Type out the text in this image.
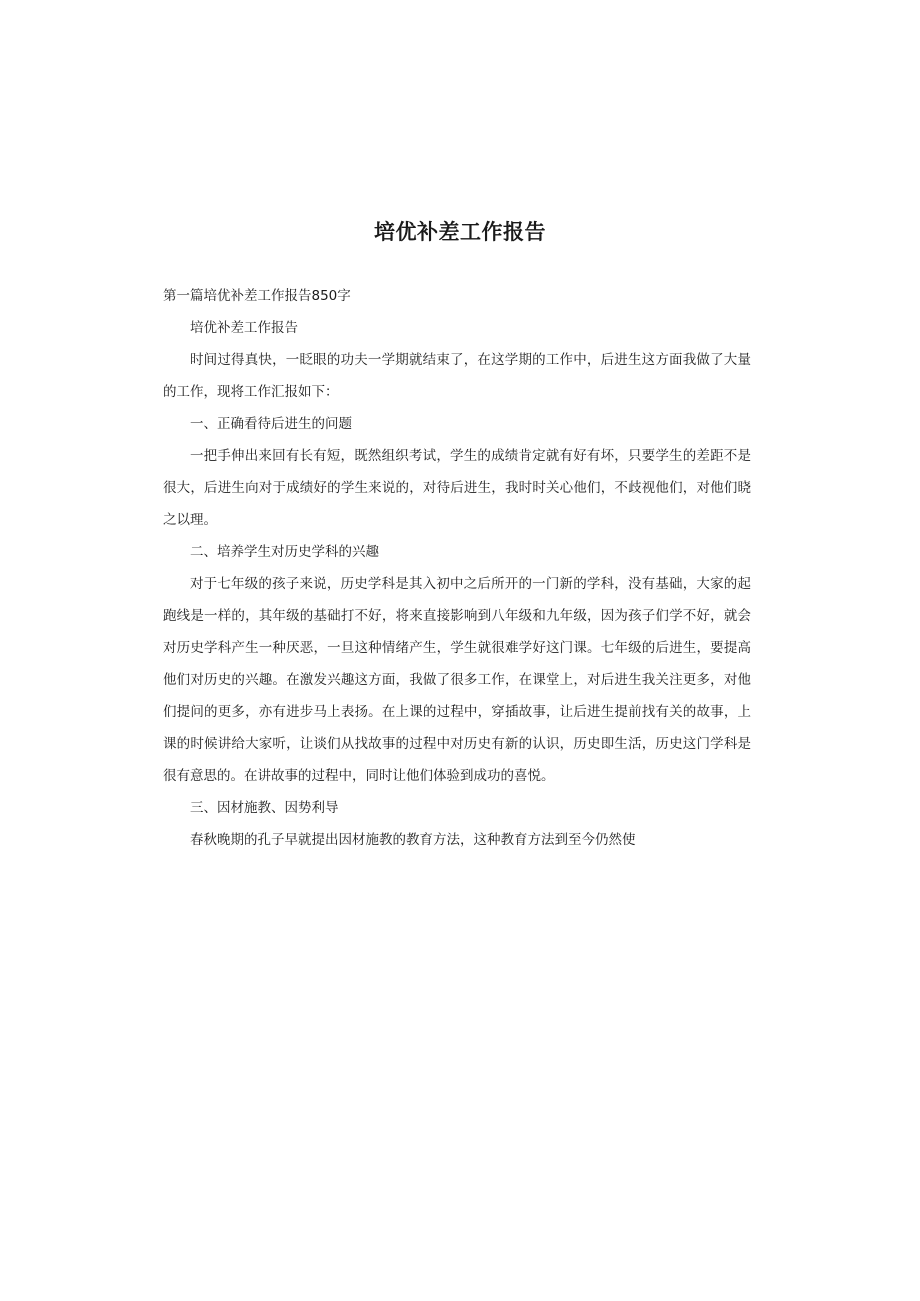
培优补差工作报告

第一篇培优补差工作报告850字

培优补差工作报告

时间过得真快，一眨眼的功夫一学期就结束了，在这学期的工作中，后进生这方面我做了大量的工作，现将工作汇报如下：

一、正确看待后进生的问题

一把手伸出来回有长有短，既然组织考试，学生的成绩肯定就有好有坏，只要学生的差距不是很大，后进生向对于成绩好的学生来说的，对待后进生，我时时关心他们，不歧视他们，对他们晓之以理。

二、培养学生对历史学科的兴趣

对于七年级的孩子来说，历史学科是其入初中之后所开的一门新的学科，没有基础，大家的起跑线是一样的，其年级的基础打不好，将来直接影响到八年级和九年级，因为孩子们学不好，就会对历史学科产生一种厌恶，一旦这种情绪产生，学生就很难学好这门课。七年级的后进生，要提高他们对历史的兴趣。在激发兴趣这方面，我做了很多工作，在课堂上，对后进生我关注更多，对他们提问的更多，亦有进步马上表扬。在上课的过程中，穿插故事，让后进生提前找有关的故事，上课的时候讲给大家听，让谈们从找故事的过程中对历史有新的认识，历史即生活，历史这门学科是很有意思的。在讲故事的过程中，同时让他们体验到成功的喜悦。

三、因材施教、因势利导

春秋晚期的孔子早就提出因材施教的教育方法，这种教育方法到至今仍然使
